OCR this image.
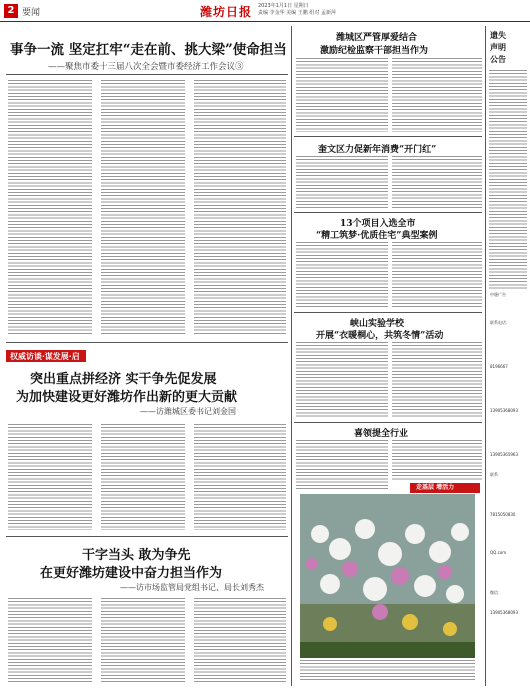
2 要闻	潍坊日报 2023年1月1日 星期日
责编 李金华 美编 王鹏 组对 孟新萍
事争一流 坚定扛牢“走在前、挑大梁”使命担当
——聚焦市委十三届八次全会暨市委经济工作会议③
权威访谈·谋发展·启新局
突出重点拼经济 实干争先促发展
为加快建设更好潍坊作出新的更大贡献
——访潍城区委书记刘金国
干字当头 敢为争先
在更好潍坊建设中奋力担当作为
——访市场监管局党组书记、局长刘秀杰
潍城区严管厚爱结合
激励纪检监察干部担当作为
奎文区力促新年消费“开门红”
13个项目入选全市
“精工筑梦·优质住宅”典型案例
峡山实验学校
开展“衣暖桐心，共筑冬情”活动
喜领提全行业
走基层 增活力
遗失
声明
公告
中缝广告
联系电话：
8196667
13905368093
13905365963
联系：
7815050830
QQ.com
微信：
13905368093
